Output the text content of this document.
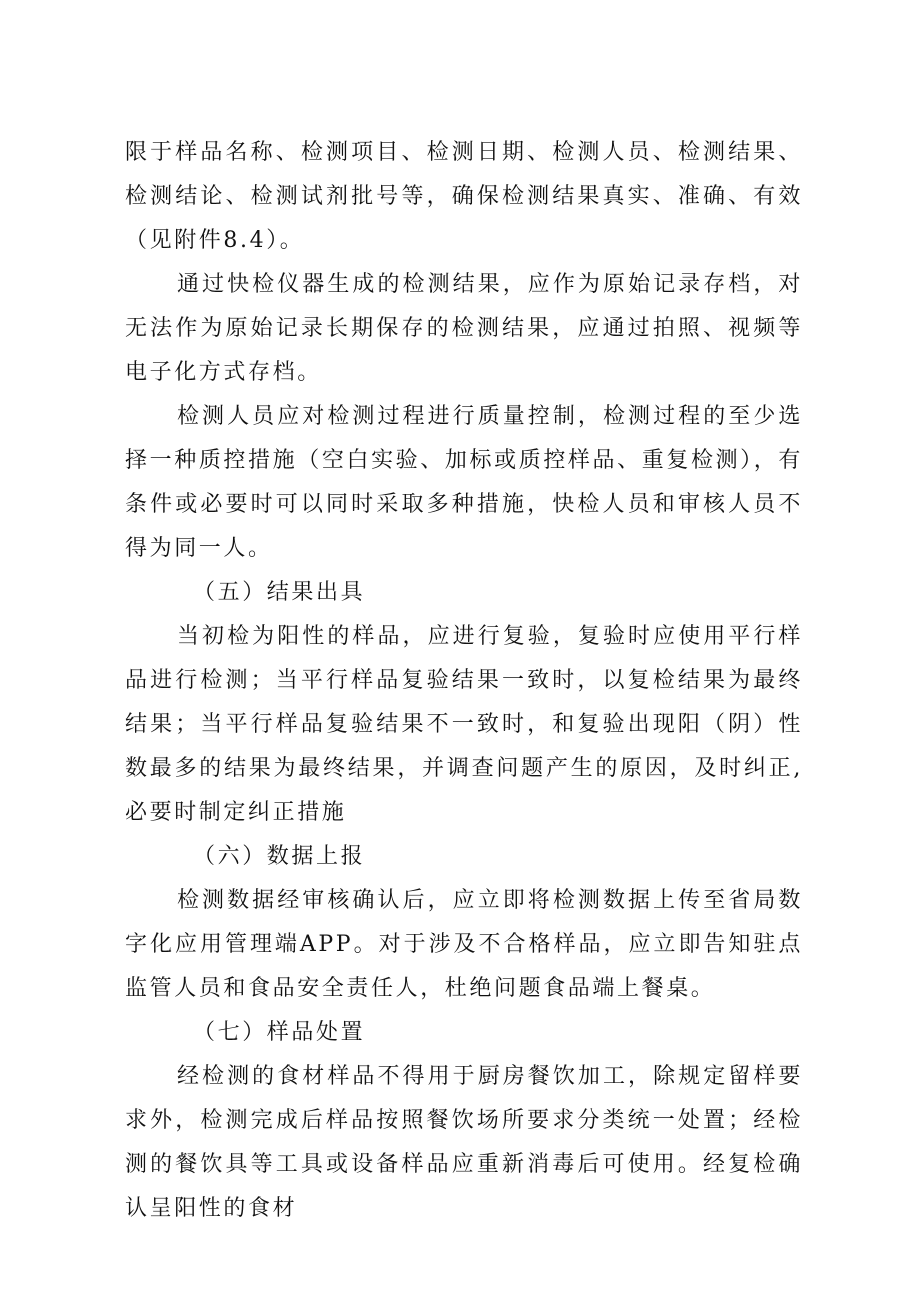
限于样品名称、检测项目、检测日期、检测人员、检测结果、检测结论、检测试剂批号等，确保检测结果真实、准确、有效（见附件8.4）。

通过快检仪器生成的检测结果，应作为原始记录存档，对无法作为原始记录长期保存的检测结果，应通过拍照、视频等电子化方式存档。

检测人员应对检测过程进行质量控制，检测过程的至少选择一种质控措施（空白实验、加标或质控样品、重复检测），有条件或必要时可以同时采取多种措施，快检人员和审核人员不得为同一人。

（五）结果出具

当初检为阳性的样品，应进行复验，复验时应使用平行样品进行检测；当平行样品复验结果一致时，以复检结果为最终结果；当平行样品复验结果不一致时，和复验出现阳（阴）性数最多的结果为最终结果，并调查问题产生的原因，及时纠正,必要时制定纠正措施

（六）数据上报

检测数据经审核确认后，应立即将检测数据上传至省局数字化应用管理端APP。对于涉及不合格样品，应立即告知驻点监管人员和食品安全责任人，杜绝问题食品端上餐桌。

（七）样品处置

经检测的食材样品不得用于厨房餐饮加工，除规定留样要求外，检测完成后样品按照餐饮场所要求分类统一处置；经检测的餐饮具等工具或设备样品应重新消毒后可使用。经复检确认呈阳性的食材
